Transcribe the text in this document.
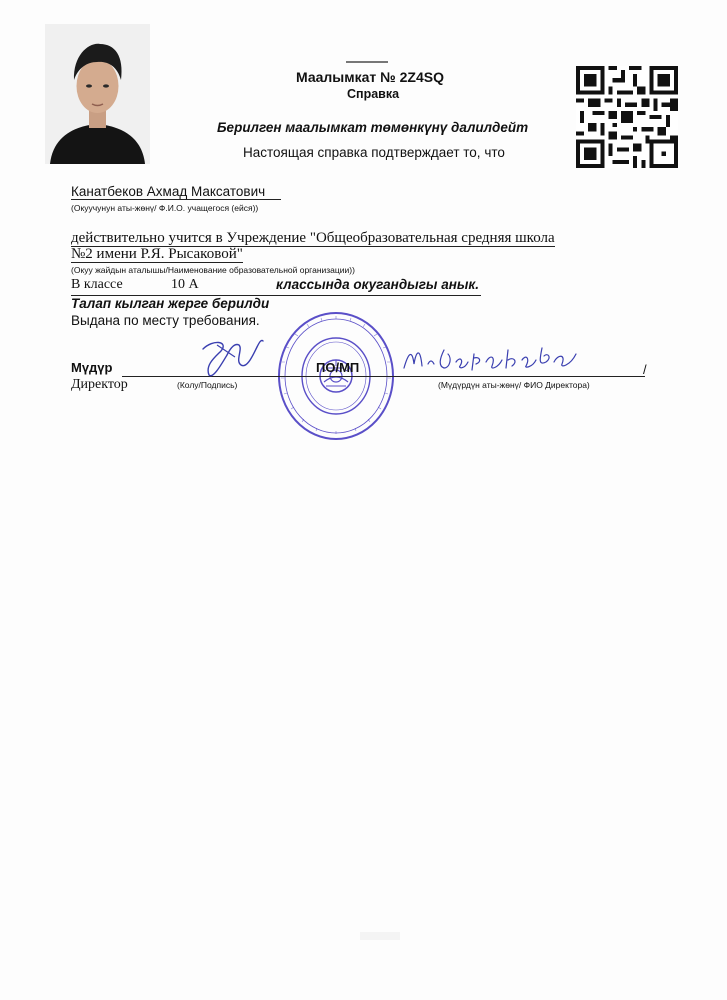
Маалымкат № 2Z4SQ
Справка
Берилген маалымкат төмөнкүнү далилдейт
Настоящая справка подтверждает то, что
Канатбеков Ахмад Максатович
(Окуучунун аты-жөнү/ Ф.И.О. учащегося (ейся))
действительно учится в Учреждение "Общеобразовательная средняя школа №2 имени Р.Я. Рысаковой"
(Окуу жайдын аталышы/Наименование образовательной организации))
В классе	10 А	классында окугандыгы анык.
Талап кылган жерге берилди
Выдана по месту требования.
Мүдүр	/
Директор	(Колу/Подпись)
ПО/МП
(Мүдүрдүн аты-жөнү/ ФИО Директора)
